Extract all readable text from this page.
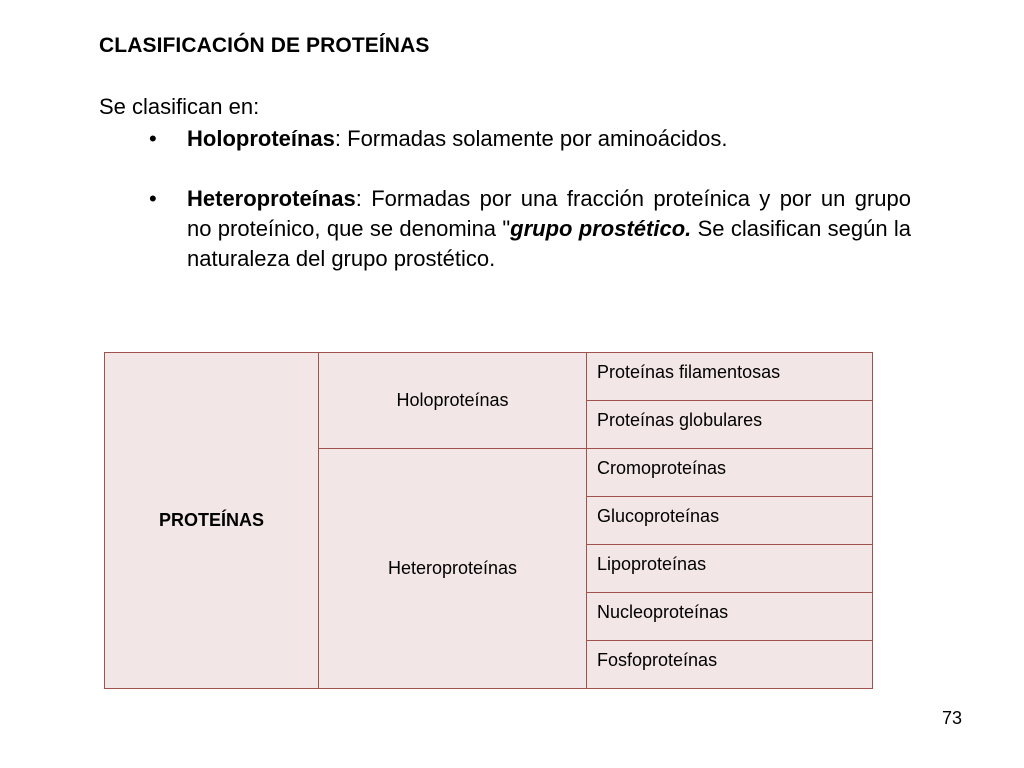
CLASIFICACIÓN DE PROTEÍNAS

Se clasifican en:

• Holoproteínas: Formadas solamente por aminoácidos.
• Heteroproteínas: Formadas por una fracción proteínica y por un grupo no proteínico, que se denomina "grupo prostético. Se clasifican según la naturaleza del grupo prostético.
PROTEÍNAS	Holoproteínas	Proteínas filamentosas

		Proteínas globulares

	Heteroproteínas	Cromoproteínas

		Glucoproteínas

		Lipoproteínas

		Nucleoproteínas

		Fosfoproteínas
73
